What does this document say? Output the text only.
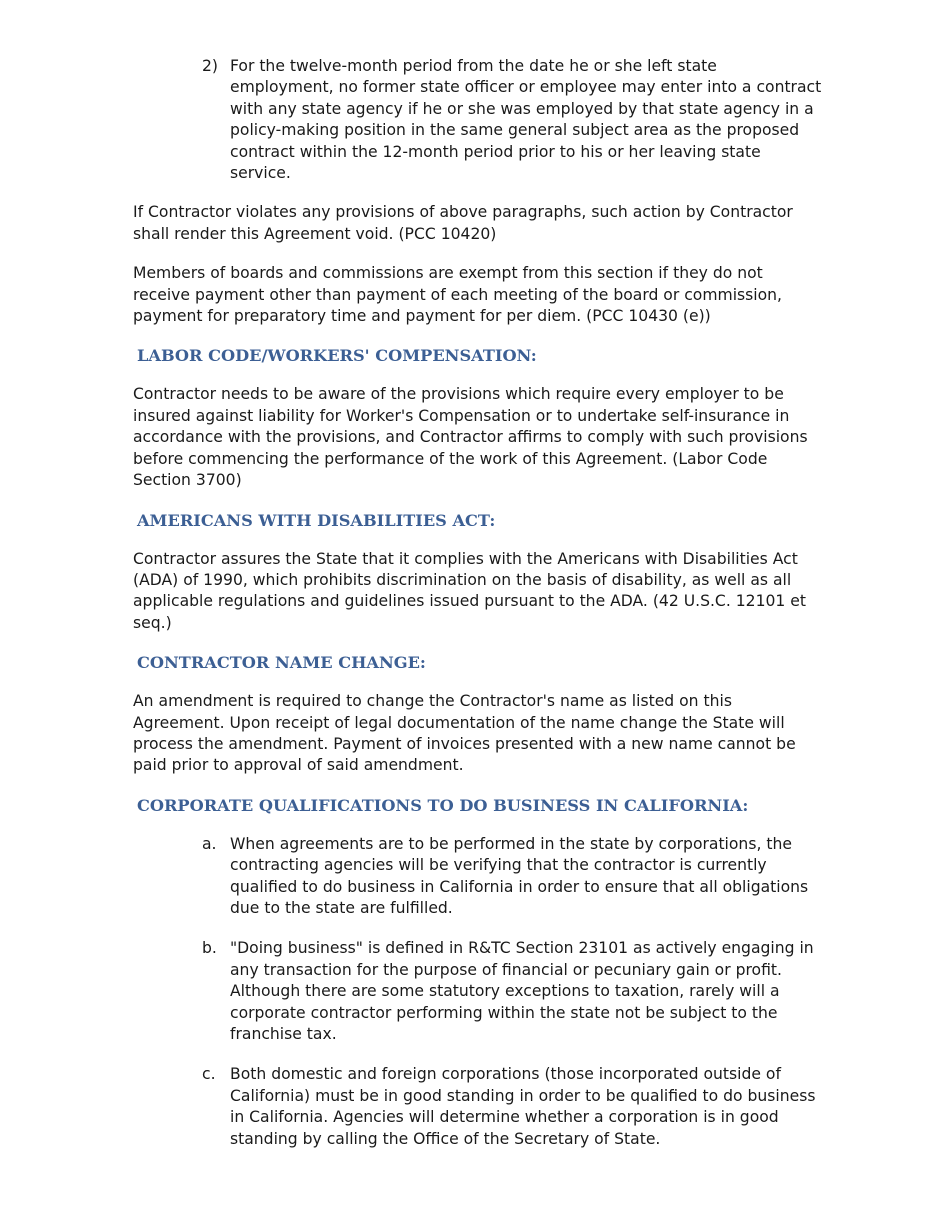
2) For the twelve-month period from the date he or she left state employment, no former state officer or employee may enter into a contract with any state agency if he or she was employed by that state agency in a policy-making position in the same general subject area as the proposed contract within the 12-month period prior to his or her leaving state service.

If Contractor violates any provisions of above paragraphs, such action by Contractor shall render this Agreement void. (PCC 10420)

Members of boards and commissions are exempt from this section if they do not receive payment other than payment of each meeting of the board or commission, payment for preparatory time and payment for per diem. (PCC 10430 (e))

LABOR CODE/WORKERS' COMPENSATION:

Contractor needs to be aware of the provisions which require every employer to be insured against liability for Worker's Compensation or to undertake self-insurance in accordance with the provisions, and Contractor affirms to comply with such provisions before commencing the performance of the work of this Agreement. (Labor Code Section 3700)

AMERICANS WITH DISABILITIES ACT:

Contractor assures the State that it complies with the Americans with Disabilities Act (ADA) of 1990, which prohibits discrimination on the basis of disability, as well as all applicable regulations and guidelines issued pursuant to the ADA. (42 U.S.C. 12101 et seq.)

CONTRACTOR NAME CHANGE:

An amendment is required to change the Contractor's name as listed on this Agreement. Upon receipt of legal documentation of the name change the State will process the amendment. Payment of invoices presented with a new name cannot be paid prior to approval of said amendment.

CORPORATE QUALIFICATIONS TO DO BUSINESS IN CALIFORNIA:
a. When agreements are to be performed in the state by corporations, the contracting agencies will be verifying that the contractor is currently qualified to do business in California in order to ensure that all obligations due to the state are fulfilled.
b. "Doing business" is defined in R&TC Section 23101 as actively engaging in any transaction for the purpose of financial or pecuniary gain or profit. Although there are some statutory exceptions to taxation, rarely will a corporate contractor performing within the state not be subject to the franchise tax.
c. Both domestic and foreign corporations (those incorporated outside of California) must be in good standing in order to be qualified to do business in California. Agencies will determine whether a corporation is in good standing by calling the Office of the Secretary of State.
